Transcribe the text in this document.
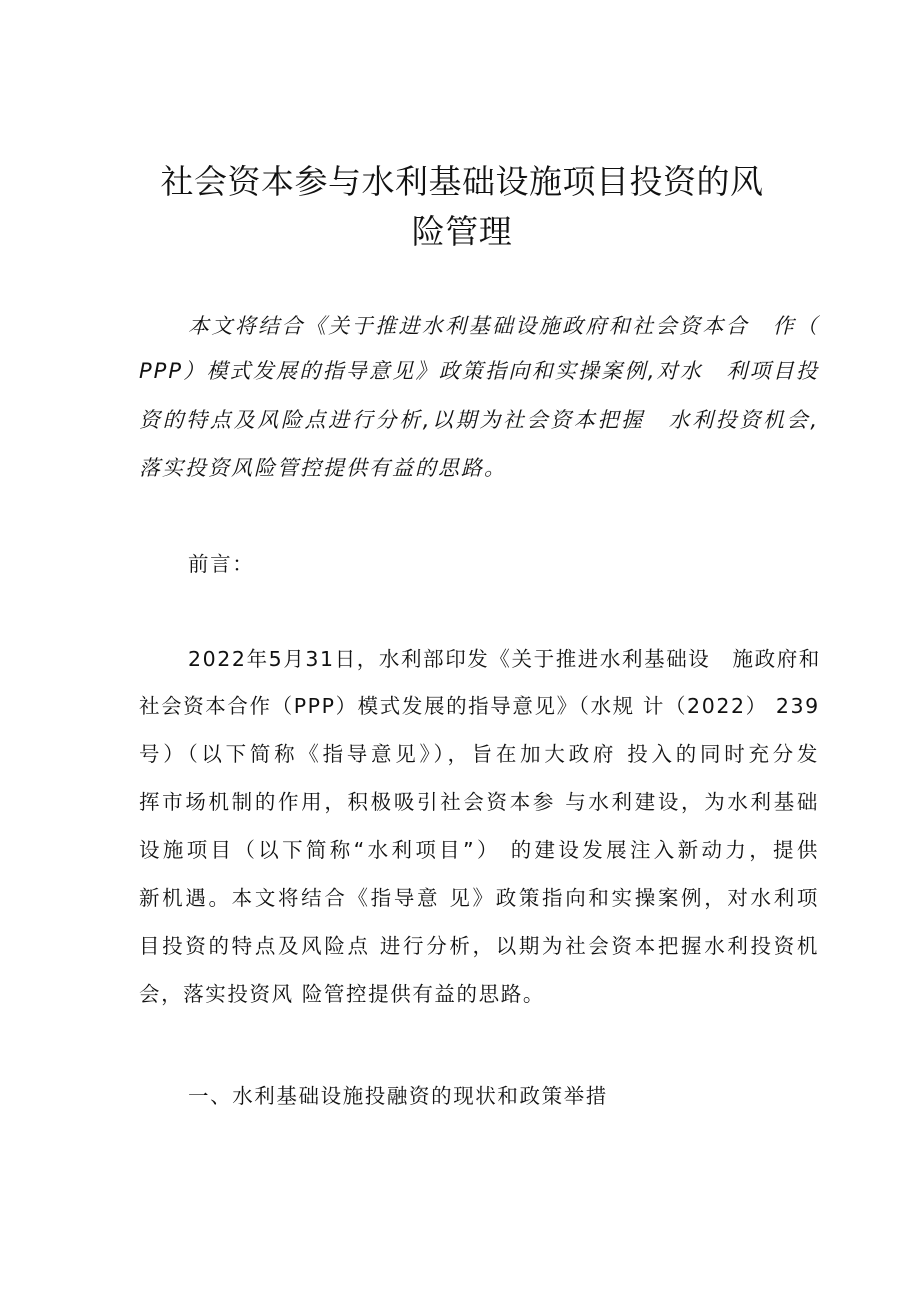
社会资本参与水利基础设施项目投资的风
险管理
本文将结合《关于推进水利基础设施政府和社会资本合　作（
PPP）模式发展的指导意见》政策指向和实操案例,对水　利项目投
资的特点及风险点进行分析,以期为社会资本把握　水利投资机会,
落实投资风险管控提供有益的思路。
前言：
2022年5月31日，水利部印发《关于推进水利基础设　施政府和
社会资本合作（PPP）模式发展的指导意见》（水规 计（2022） 239
号）（以下简称《指导意见》），旨在加大政府 投入的同时充分发
挥市场机制的作用，积极吸引社会资本参 与水利建设，为水利基础
设施项目（以下简称“水利项目”） 的建设发展注入新动力，提供
新机遇。本文将结合《指导意 见》政策指向和实操案例，对水利项
目投资的特点及风险点 进行分析，以期为社会资本把握水利投资机
会，落实投资风 险管控提供有益的思路。
一、水利基础设施投融资的现状和政策举措
